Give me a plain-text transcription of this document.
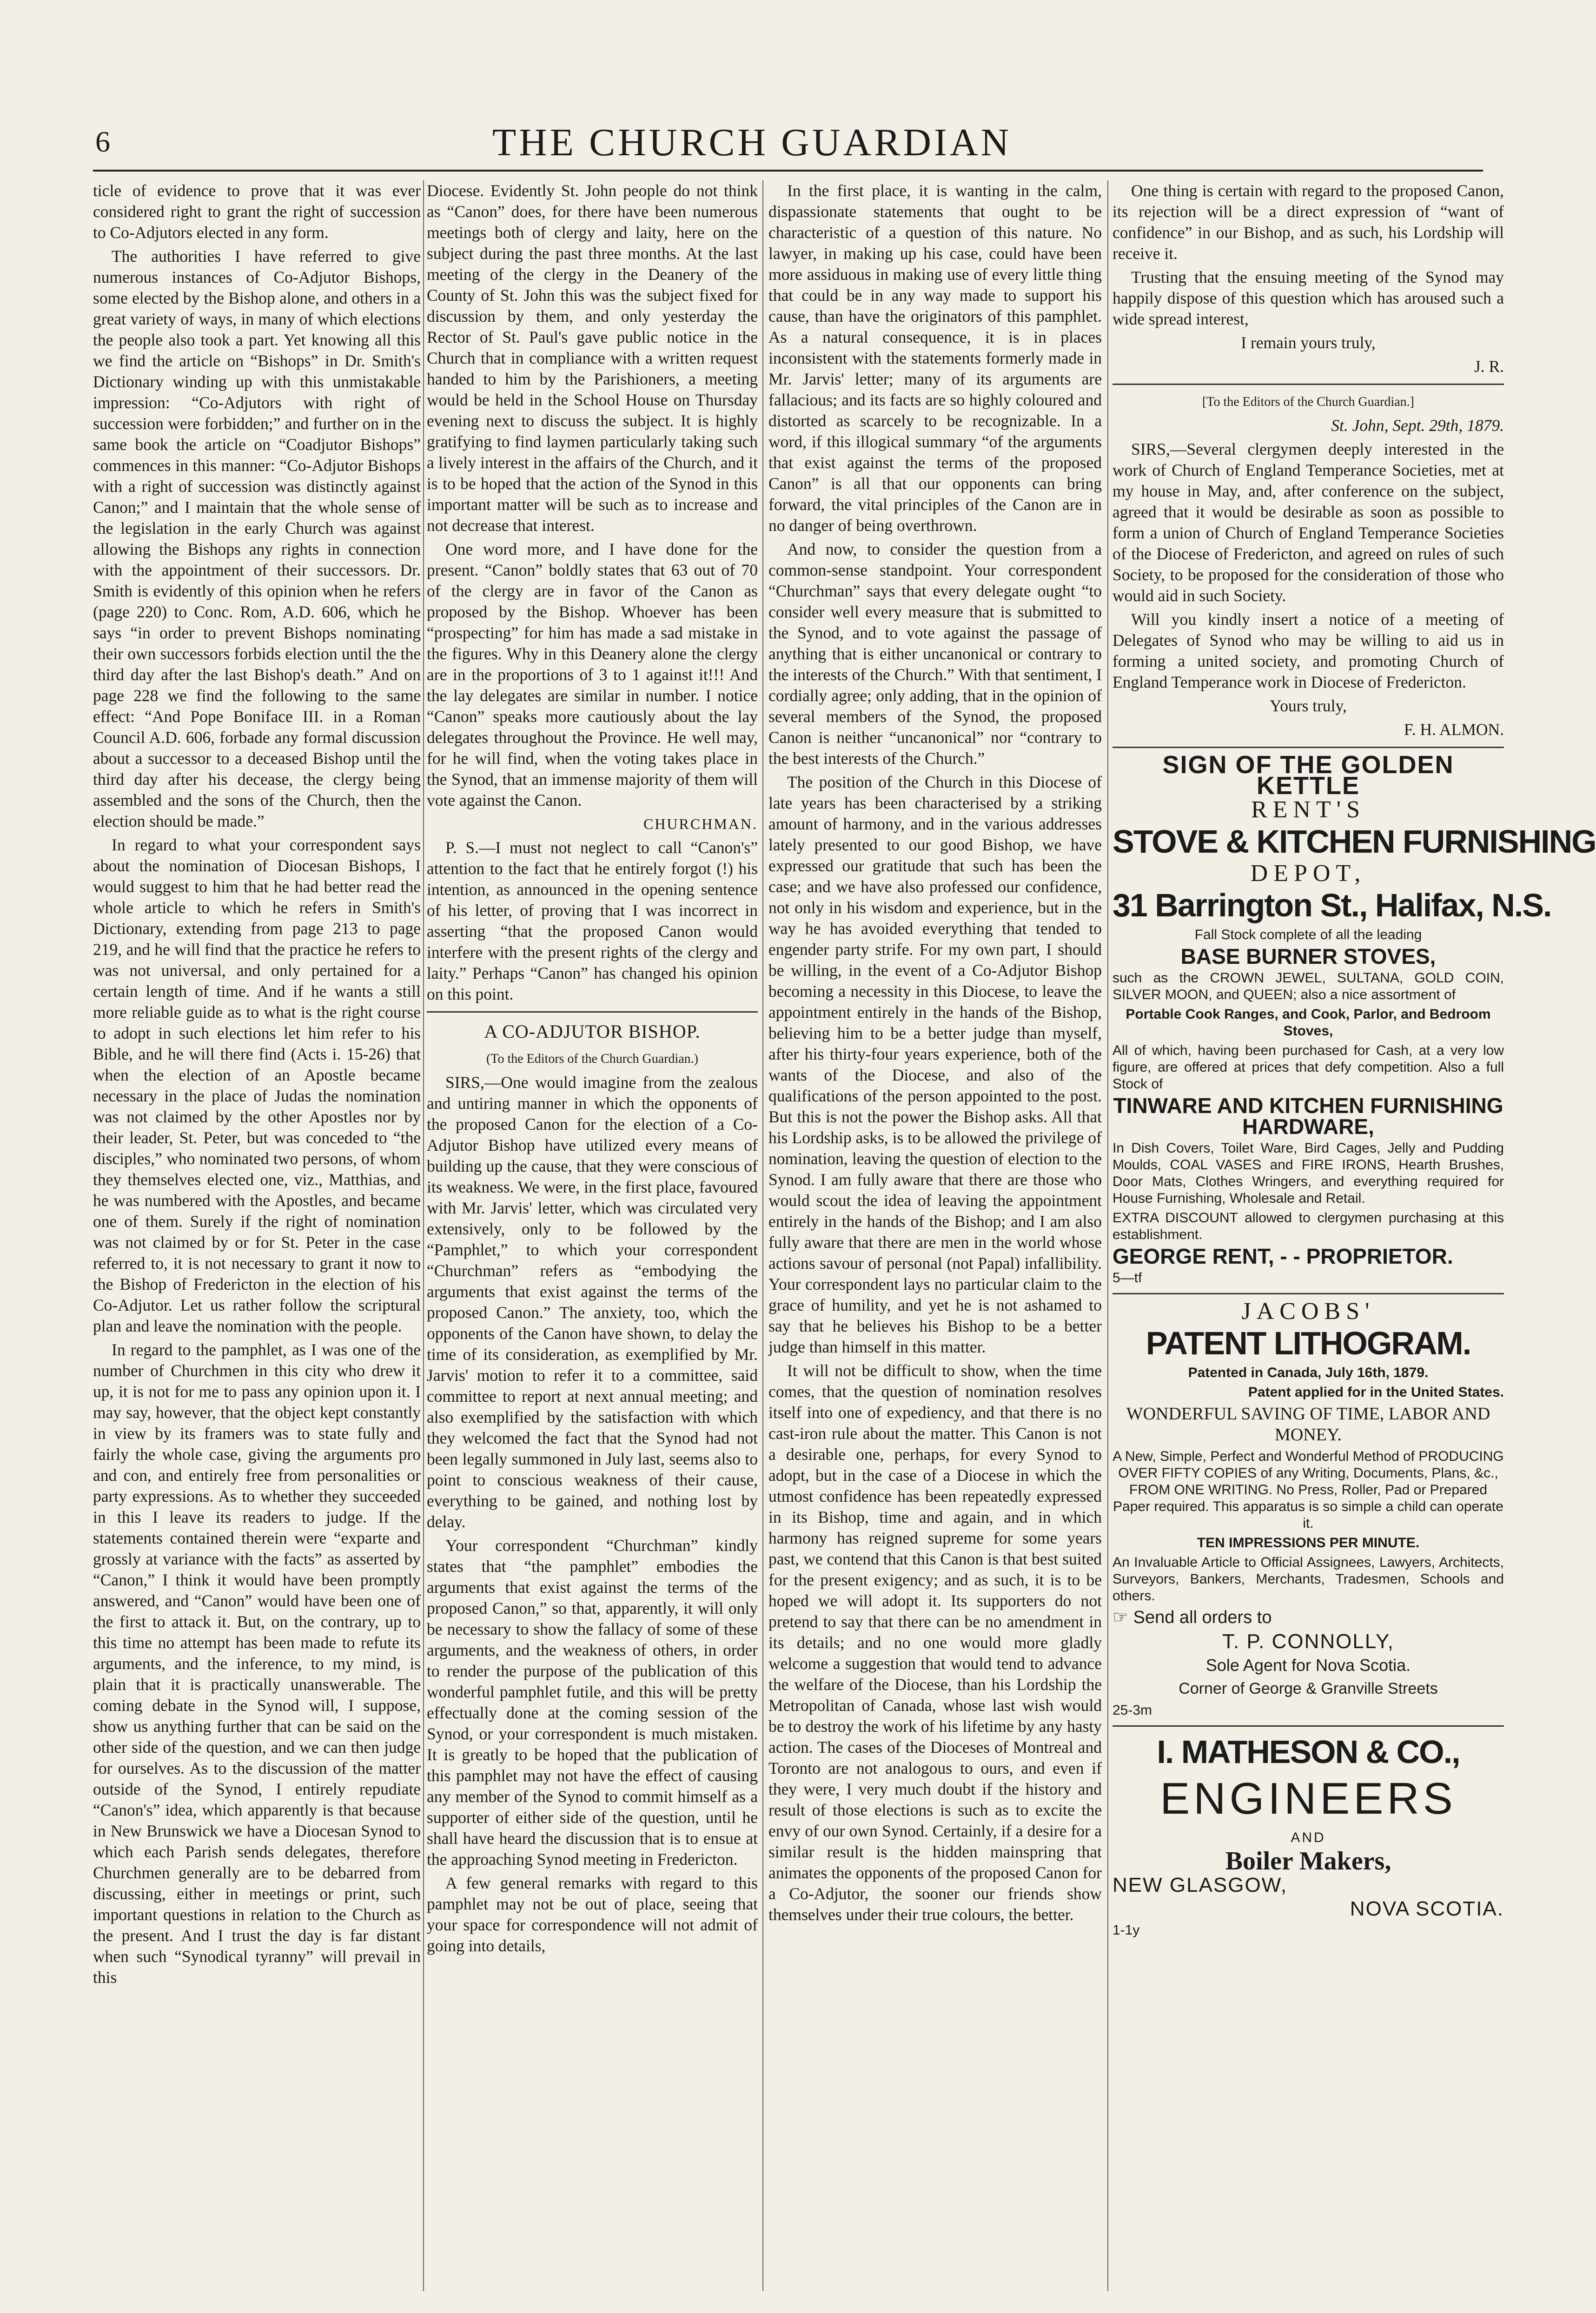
6	THE CHURCH GUARDIAN

ticle of evidence to prove that it was ever considered right to grant the right of succession to Co-Adjutors elected in any form.

The authorities I have referred to give numerous instances of Co-Adjutor Bishops, some elected by the Bishop alone, and others in a great variety of ways, in many of which elections the people also took a part. Yet knowing all this we find the article on “Bishops” in Dr. Smith's Dictionary winding up with this unmistakable impression: “Co-Adjutors with right of succession were forbidden;” and further on in the same book the article on “Coadjutor Bishops” commences in this manner: “Co-Adjutor Bishops with a right of succession was distinctly against Canon;” and I maintain that the whole sense of the legislation in the early Church was against allowing the Bishops any rights in connection with the appointment of their successors. Dr. Smith is evidently of this opinion when he refers (page 220) to Conc. Rom, A.D. 606, which he says “in order to prevent Bishops nominating their own successors forbids election until the the third day after the last Bishop's death.” And on page 228 we find the following to the same effect: “And Pope Boniface III. in a Roman Council A.D. 606, forbade any formal discussion about a successor to a deceased Bishop until the third day after his decease, the clergy being assembled and the sons of the Church, then the election should be made.”

In regard to what your correspondent says about the nomination of Diocesan Bishops, I would suggest to him that he had better read the whole article to which he refers in Smith's Dictionary, extending from page 213 to page 219, and he will find that the practice he refers to was not universal, and only pertained for a certain length of time. And if he wants a still more reliable guide as to what is the right course to adopt in such elections let him refer to his Bible, and he will there find (Acts i. 15-26) that when the election of an Apostle became necessary in the place of Judas the nomination was not claimed by the other Apostles nor by their leader, St. Peter, but was conceded to “the disciples,” who nominated two persons, of whom they themselves elected one, viz., Matthias, and he was numbered with the Apostles, and became one of them. Surely if the right of nomination was not claimed by or for St. Peter in the case referred to, it is not necessary to grant it now to the Bishop of Fredericton in the election of his Co-Adjutor. Let us rather follow the scriptural plan and leave the nomination with the people.

In regard to the pamphlet, as I was one of the number of Churchmen in this city who drew it up, it is not for me to pass any opinion upon it. I may say, however, that the object kept constantly in view by its framers was to state fully and fairly the whole case, giving the arguments pro and con, and entirely free from personalities or party expressions. As to whether they succeeded in this I leave its readers to judge. If the statements contained therein were “exparte and grossly at variance with the facts” as asserted by “Canon,” I think it would have been promptly answered, and “Canon” would have been one of the first to attack it. But, on the contrary, up to this time no attempt has been made to refute its arguments, and the inference, to my mind, is plain that it is practically unanswerable. The coming debate in the Synod will, I suppose, show us anything further that can be said on the other side of the question, and we can then judge for ourselves. As to the discussion of the matter outside of the Synod, I entirely repudiate “Canon's” idea, which apparently is that because in New Brunswick we have a Diocesan Synod to which each Parish sends delegates, therefore Churchmen generally are to be debarred from discussing, either in meetings or print, such important questions in relation to the Church as the present. And I trust the day is far distant when such “Synodical tyranny” will prevail in this

Diocese. Evidently St. John people do not think as “Canon” does, for there have been numerous meetings both of clergy and laity, here on the subject during the past three months. At the last meeting of the clergy in the Deanery of the County of St. John this was the subject fixed for discussion by them, and only yesterday the Rector of St. Paul's gave public notice in the Church that in compliance with a written request handed to him by the Parishioners, a meeting would be held in the School House on Thursday evening next to discuss the subject. It is highly gratifying to find laymen particularly taking such a lively interest in the affairs of the Church, and it is to be hoped that the action of the Synod in this important matter will be such as to increase and not decrease that interest.

One word more, and I have done for the present. “Canon” boldly states that 63 out of 70 of the clergy are in favor of the Canon as proposed by the Bishop. Whoever has been “prospecting” for him has made a sad mistake in the figures. Why in this Deanery alone the clergy are in the proportions of 3 to 1 against it!!! And the lay delegates are similar in number. I notice “Canon” speaks more cautiously about the lay delegates throughout the Province. He well may, for he will find, when the voting takes place in the Synod, that an immense majority of them will vote against the Canon.

CHURCHMAN.

P. S.—I must not neglect to call “Canon's” attention to the fact that he entirely forgot (!) his intention, as announced in the opening sentence of his letter, of proving that I was incorrect in asserting “that the proposed Canon would interfere with the present rights of the clergy and laity.” Perhaps “Canon” has changed his opinion on this point.

A CO-ADJUTOR BISHOP.

(To the Editors of the Church Guardian.)

SIRS,—One would imagine from the zealous and untiring manner in which the opponents of the proposed Canon for the election of a Co-Adjutor Bishop have utilized every means of building up the cause, that they were conscious of its weakness. We were, in the first place, favoured with Mr. Jarvis' letter, which was circulated very extensively, only to be followed by the “Pamphlet,” to which your correspondent “Churchman” refers as “embodying the arguments that exist against the terms of the proposed Canon.” The anxiety, too, which the opponents of the Canon have shown, to delay the time of its consideration, as exemplified by Mr. Jarvis' motion to refer it to a committee, said committee to report at next annual meeting; and also exemplified by the satisfaction with which they welcomed the fact that the Synod had not been legally summoned in July last, seems also to point to conscious weakness of their cause, everything to be gained, and nothing lost by delay.

Your correspondent “Churchman” kindly states that “the pamphlet” embodies the arguments that exist against the terms of the proposed Canon,” so that, apparently, it will only be necessary to show the fallacy of some of these arguments, and the weakness of others, in order to render the purpose of the publication of this wonderful pamphlet futile, and this will be pretty effectually done at the coming session of the Synod, or your correspondent is much mistaken. It is greatly to be hoped that the publication of this pamphlet may not have the effect of causing any member of the Synod to commit himself as a supporter of either side of the question, until he shall have heard the discussion that is to ensue at the approaching Synod meeting in Fredericton.

A few general remarks with regard to this pamphlet may not be out of place, seeing that your space for correspondence will not admit of going into details,

In the first place, it is wanting in the calm, dispassionate statements that ought to be characteristic of a question of this nature. No lawyer, in making up his case, could have been more assiduous in making use of every little thing that could be in any way made to support his cause, than have the originators of this pamphlet. As a natural consequence, it is in places inconsistent with the statements formerly made in Mr. Jarvis' letter; many of its arguments are fallacious; and its facts are so highly coloured and distorted as scarcely to be recognizable. In a word, if this illogical summary “of the arguments that exist against the terms of the proposed Canon” is all that our opponents can bring forward, the vital principles of the Canon are in no danger of being overthrown.

And now, to consider the question from a common-sense standpoint. Your correspondent “Churchman” says that every delegate ought “to consider well every measure that is submitted to the Synod, and to vote against the passage of anything that is either uncanonical or contrary to the interests of the Church.” With that sentiment, I cordially agree; only adding, that in the opinion of several members of the Synod, the proposed Canon is neither “uncanonical” nor “contrary to the best interests of the Church.”

The position of the Church in this Diocese of late years has been characterised by a striking amount of harmony, and in the various addresses lately presented to our good Bishop, we have expressed our gratitude that such has been the case; and we have also professed our confidence, not only in his wisdom and experience, but in the way he has avoided everything that tended to engender party strife. For my own part, I should be willing, in the event of a Co-Adjutor Bishop becoming a necessity in this Diocese, to leave the appointment entirely in the hands of the Bishop, believing him to be a better judge than myself, after his thirty-four years experience, both of the wants of the Diocese, and also of the qualifications of the person appointed to the post. But this is not the power the Bishop asks. All that his Lordship asks, is to be allowed the privilege of nomination, leaving the question of election to the Synod. I am fully aware that there are those who would scout the idea of leaving the appointment entirely in the hands of the Bishop; and I am also fully aware that there are men in the world whose actions savour of personal (not Papal) infallibility. Your correspondent lays no particular claim to the grace of humility, and yet he is not ashamed to say that he believes his Bishop to be a better judge than himself in this matter.

It will not be difficult to show, when the time comes, that the question of nomination resolves itself into one of expediency, and that there is no cast-iron rule about the matter. This Canon is not a desirable one, perhaps, for every Synod to adopt, but in the case of a Diocese in which the utmost confidence has been repeatedly expressed in its Bishop, time and again, and in which harmony has reigned supreme for some years past, we contend that this Canon is that best suited for the present exigency; and as such, it is to be hoped we will adopt it. Its supporters do not pretend to say that there can be no amendment in its details; and no one would more gladly welcome a suggestion that would tend to advance the welfare of the Diocese, than his Lordship the Metropolitan of Canada, whose last wish would be to destroy the work of his lifetime by any hasty action. The cases of the Dioceses of Montreal and Toronto are not analogous to ours, and even if they were, I very much doubt if the history and result of those elections is such as to excite the envy of our own Synod. Certainly, if a desire for a similar result is the hidden mainspring that animates the opponents of the proposed Canon for a Co-Adjutor, the sooner our friends show themselves under their true colours, the better.

One thing is certain with regard to the proposed Canon, its rejection will be a direct expression of “want of confidence” in our Bishop, and as such, his Lordship will receive it.

Trusting that the ensuing meeting of the Synod may happily dispose of this question which has aroused such a wide spread interest,

I remain yours truly,

J. R.

[To the Editors of the Church Guardian.]

St. John, Sept. 29th, 1879.

SIRS,—Several clergymen deeply interested in the work of Church of England Temperance Societies, met at my house in May, and, after conference on the subject, agreed that it would be desirable as soon as possible to form a union of Church of England Temperance Societies of the Diocese of Fredericton, and agreed on rules of such Society, to be proposed for the consideration of those who would aid in such Society.

Will you kindly insert a notice of a meeting of Delegates of Synod who may be willing to aid us in forming a united society, and promoting Church of England Temperance work in Diocese of Fredericton.

Yours truly,

F. H. ALMON.

SIGN OF THE GOLDEN KETTLE

RENT'S

STOVE & KITCHEN FURNISHING

DEPOT,

31 Barrington St., Halifax, N.S.

Fall Stock complete of all the leading

BASE BURNER STOVES,

such as the CROWN JEWEL, SULTANA, GOLD COIN, SILVER MOON, and QUEEN; also a nice assortment of

Portable Cook Ranges, and Cook, Parlor, and Bedroom Stoves,

All of which, having been purchased for Cash, at a very low figure, are offered at prices that defy competition. Also a full Stock of

TINWARE AND KITCHEN FURNISHING HARDWARE,

In Dish Covers, Toilet Ware, Bird Cages, Jelly and Pudding Moulds, COAL VASES and FIRE IRONS, Hearth Brushes, Door Mats, Clothes Wringers, and everything required for House Furnishing, Wholesale and Retail.

EXTRA DISCOUNT allowed to clergymen purchasing at this establishment.

GEORGE RENT, - - PROPRIETOR.

5—tf

JACOBS'

PATENT LITHOGRAM.

Patented in Canada, July 16th, 1879.

Patent applied for in the United States.

WONDERFUL SAVING OF TIME, LABOR AND MONEY.

A New, Simple, Perfect and Wonderful Method of PRODUCING OVER FIFTY COPIES of any Writing, Documents, Plans, &c., FROM ONE WRITING. No Press, Roller, Pad or Prepared Paper required. This apparatus is so simple a child can operate it.

TEN IMPRESSIONS PER MINUTE.

An Invaluable Article to Official Assignees, Lawyers, Architects, Surveyors, Bankers, Merchants, Tradesmen, Schools and others.

☞ Send all orders to

T. P. CONNOLLY,

Sole Agent for Nova Scotia.

Corner of George & Granville Streets

25-3m

I. MATHESON & CO.,

ENGINEERS

AND

Boiler Makers,

NEW GLASGOW,

NOVA SCOTIA.

1-1y
